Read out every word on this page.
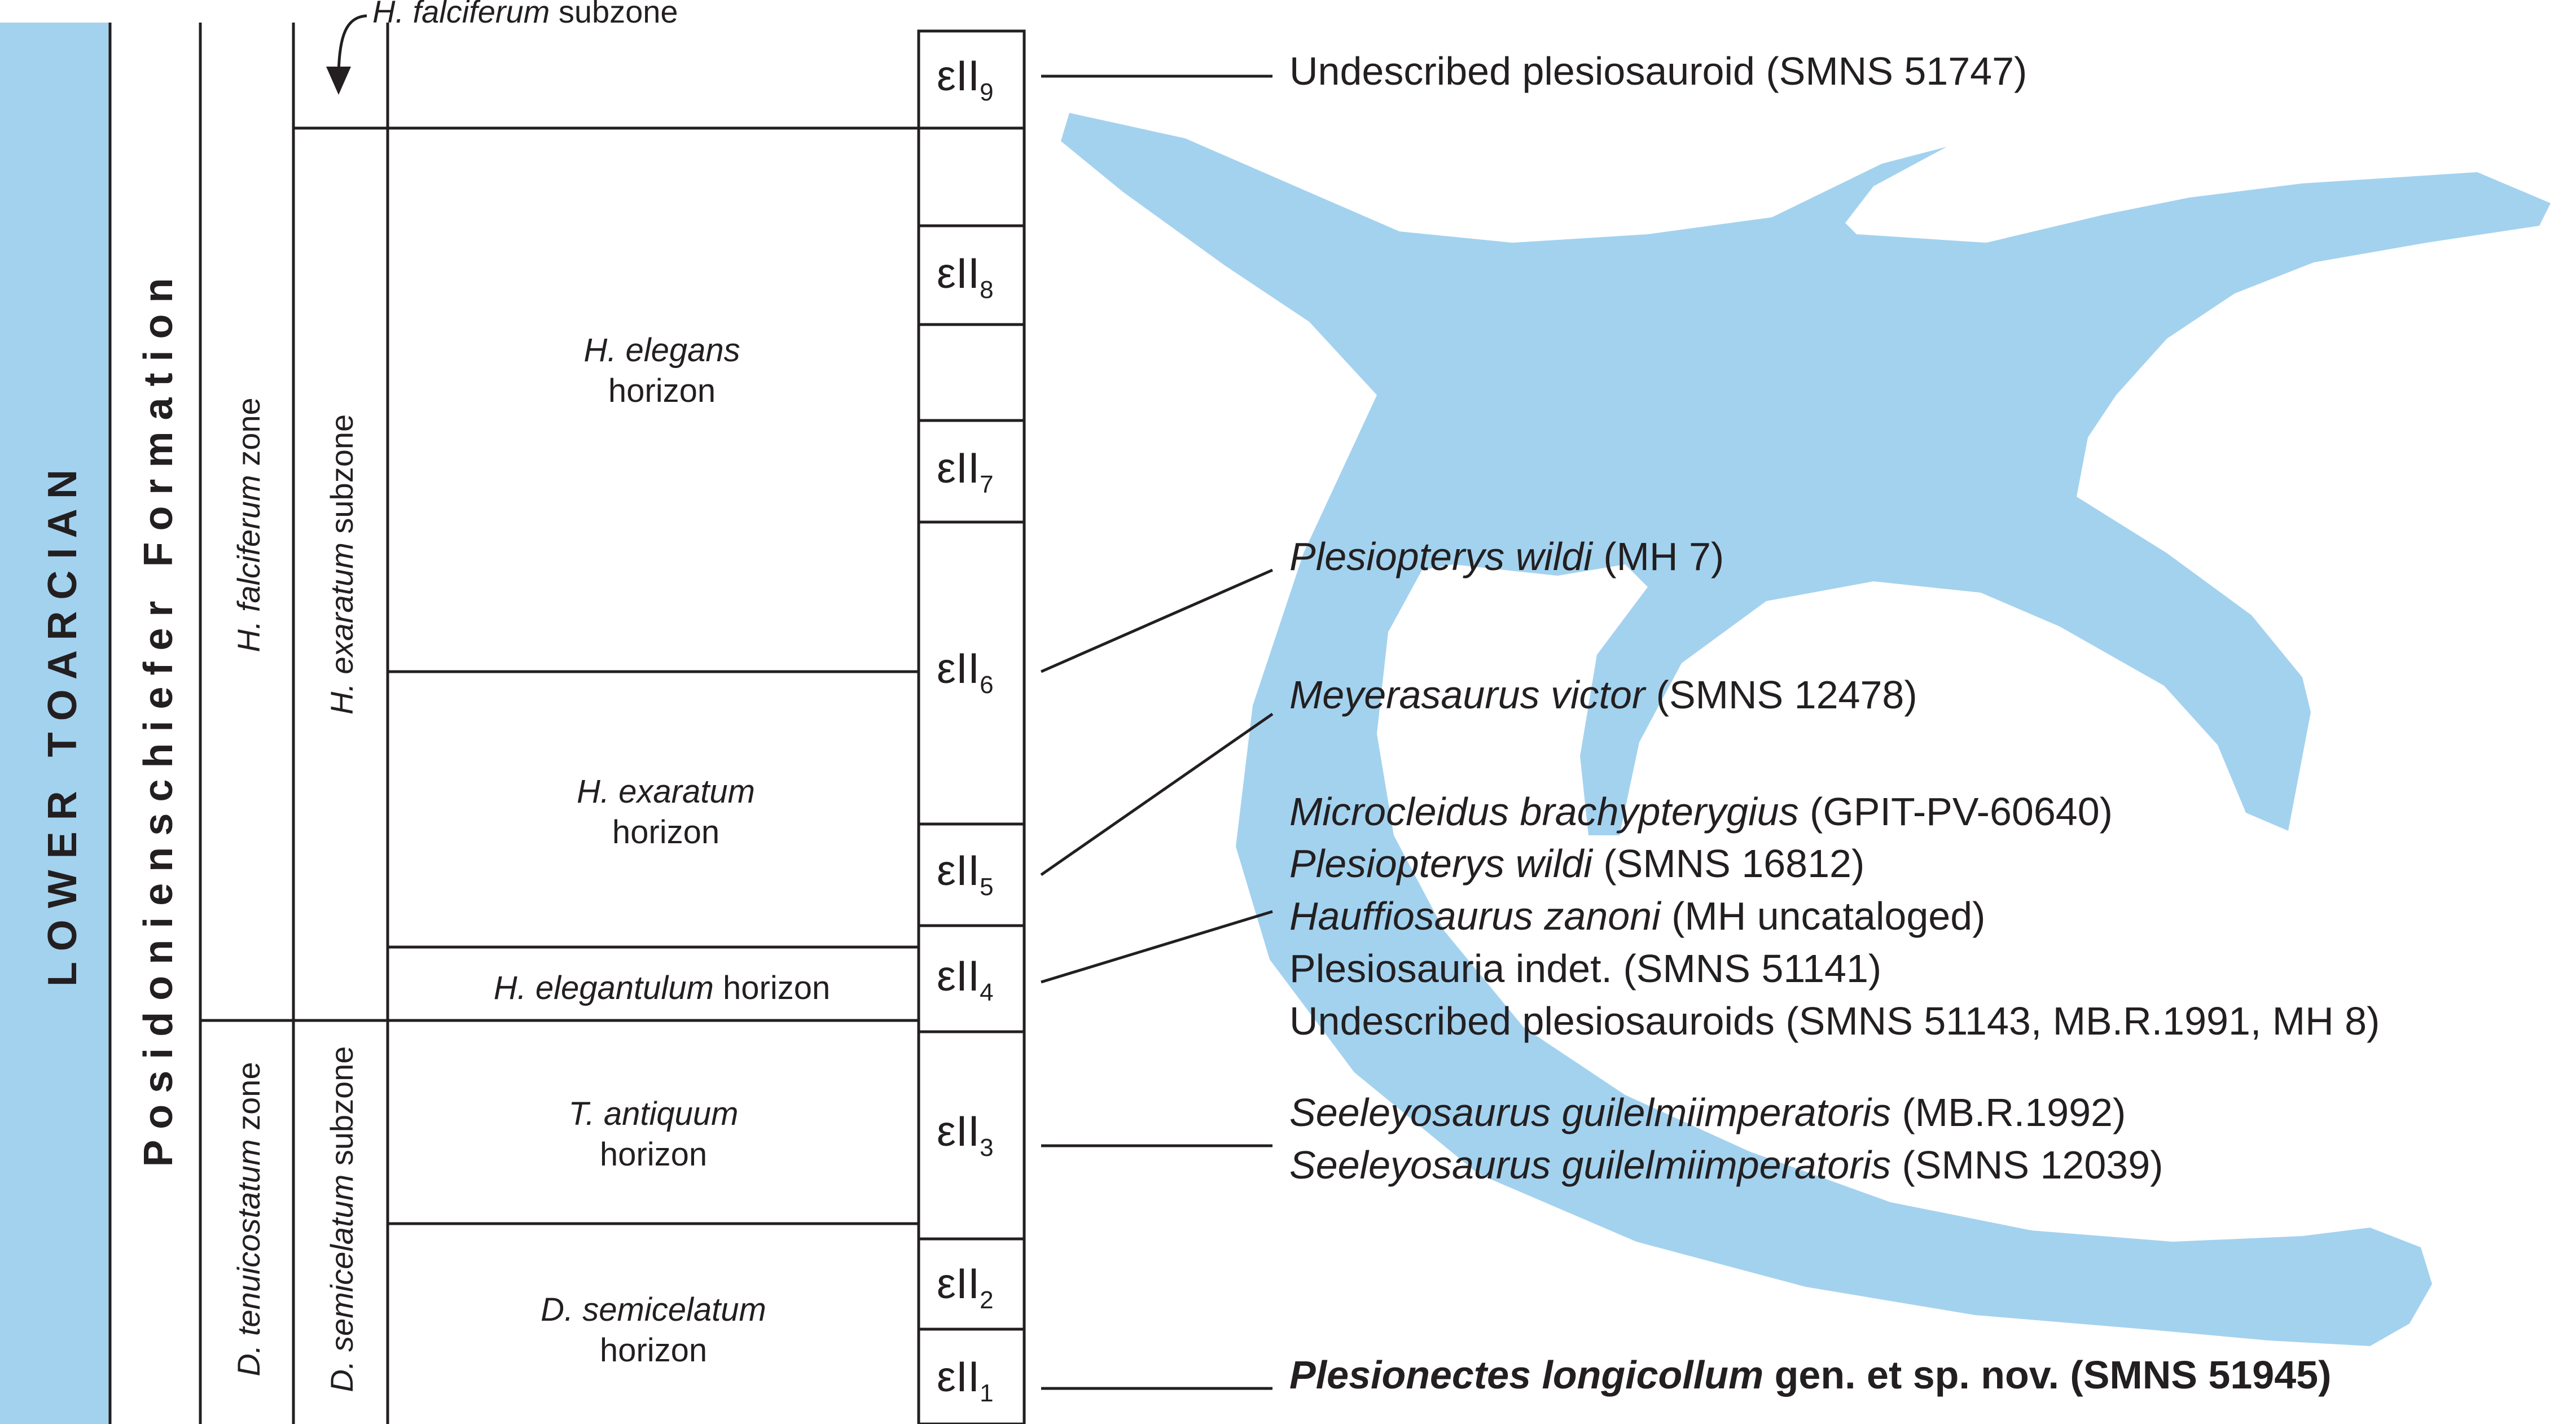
L O W E R   T O A R C I A N P o s i d o n i e n s c h i e f e r   F o r m a t i o n H. falciferum zone
D. tenuicostatum zone
H. falciferum subzone
H. exaratum subzone
D. semicelatum subzone
H. elegans
horizon
H. exaratum
horizon
H. elegantulum horizon
T. antiquum
horizon
D. semicelatum
horizon
εII$_9$
εII$_8$
εII$_7$
εII$_6$
εII$_5$
εII$_4$
εII$_3$
εII$_2$
εII$_1$
Undescribed plesiosauroid (SMNS 51747)
Plesiopterys wildi (MH 7)
Meyerasaurus victor (SMNS 12478)
Microcleidus brachypterygius (GPIT-PV-60640)
Plesiopterys wildi (SMNS 16812)
Hauffiosaurus zanoni (MH uncataloged)
Plesiosauria indet. (SMNS 51141)
Undescribed plesiosauroids (SMNS 51143, MB.R.1991, MH 8)
Seeleyosaurus guilelmiimperatoris (MB.R.1992)
Seeleyosaurus guilelmiimperatoris (SMNS 12039)
Plesionectes longicollum gen. et sp. nov. (SMNS 51945)
